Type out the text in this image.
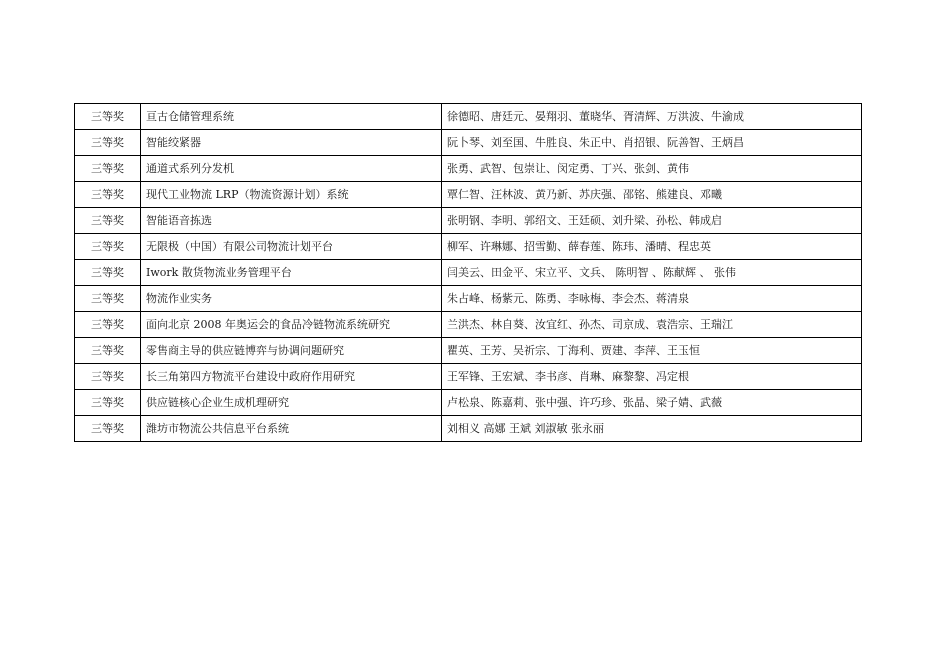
三等奖	亘古仓储管理系统	徐德昭、唐廷元、晏翔羽、董晓华、胥清辉、万洪波、牛渝成
三等奖	智能绞紧器	阮卜琴、刘至国、牛胜良、朱正中、肖招银、阮善智、王炳昌
三等奖	通道式系列分发机	张勇、武智、包崇让、闵定勇、丁兴、张剑、黄伟
三等奖	现代工业物流 LRP（物流资源计划）系统	覃仁智、汪林波、黄乃新、苏庆强、邵铭、熊建良、邓曦
三等奖	智能语音拣选	张明钢、李明、郭绍文、王廷硕、刘升梁、孙松、韩成启
三等奖	无限极（中国）有限公司物流计划平台	柳军、许琳娜、招雪勤、薛春莲、陈玮、潘晴、程忠英
三等奖	Iwork 散货物流业务管理平台	闫美云、田金平、宋立平、文兵、 陈明智 、陈献辉 、 张伟
三等奖	物流作业实务	朱占峰、杨紫元、陈勇、李咏梅、李会杰、蒋清泉
三等奖	面向北京 2008 年奥运会的食品冷链物流系统研究	兰洪杰、林自葵、汝宜红、孙杰、司京成、袁浩宗、王瑞江
三等奖	零售商主导的供应链博弈与协调问题研究	瞿英、王芳、吴祈宗、丁海利、贾建、李萍、王玉恒
三等奖	长三角第四方物流平台建设中政府作用研究	王军锋、王宏斌、李书彦、肖琳、麻黎黎、冯定根
三等奖	供应链核心企业生成机理研究	卢松泉、陈嘉莉、张中强、许巧珍、张晶、梁子婧、武薇
三等奖	潍坊市物流公共信息平台系统	刘相义 高娜 王斌 刘淑敏 张永丽
